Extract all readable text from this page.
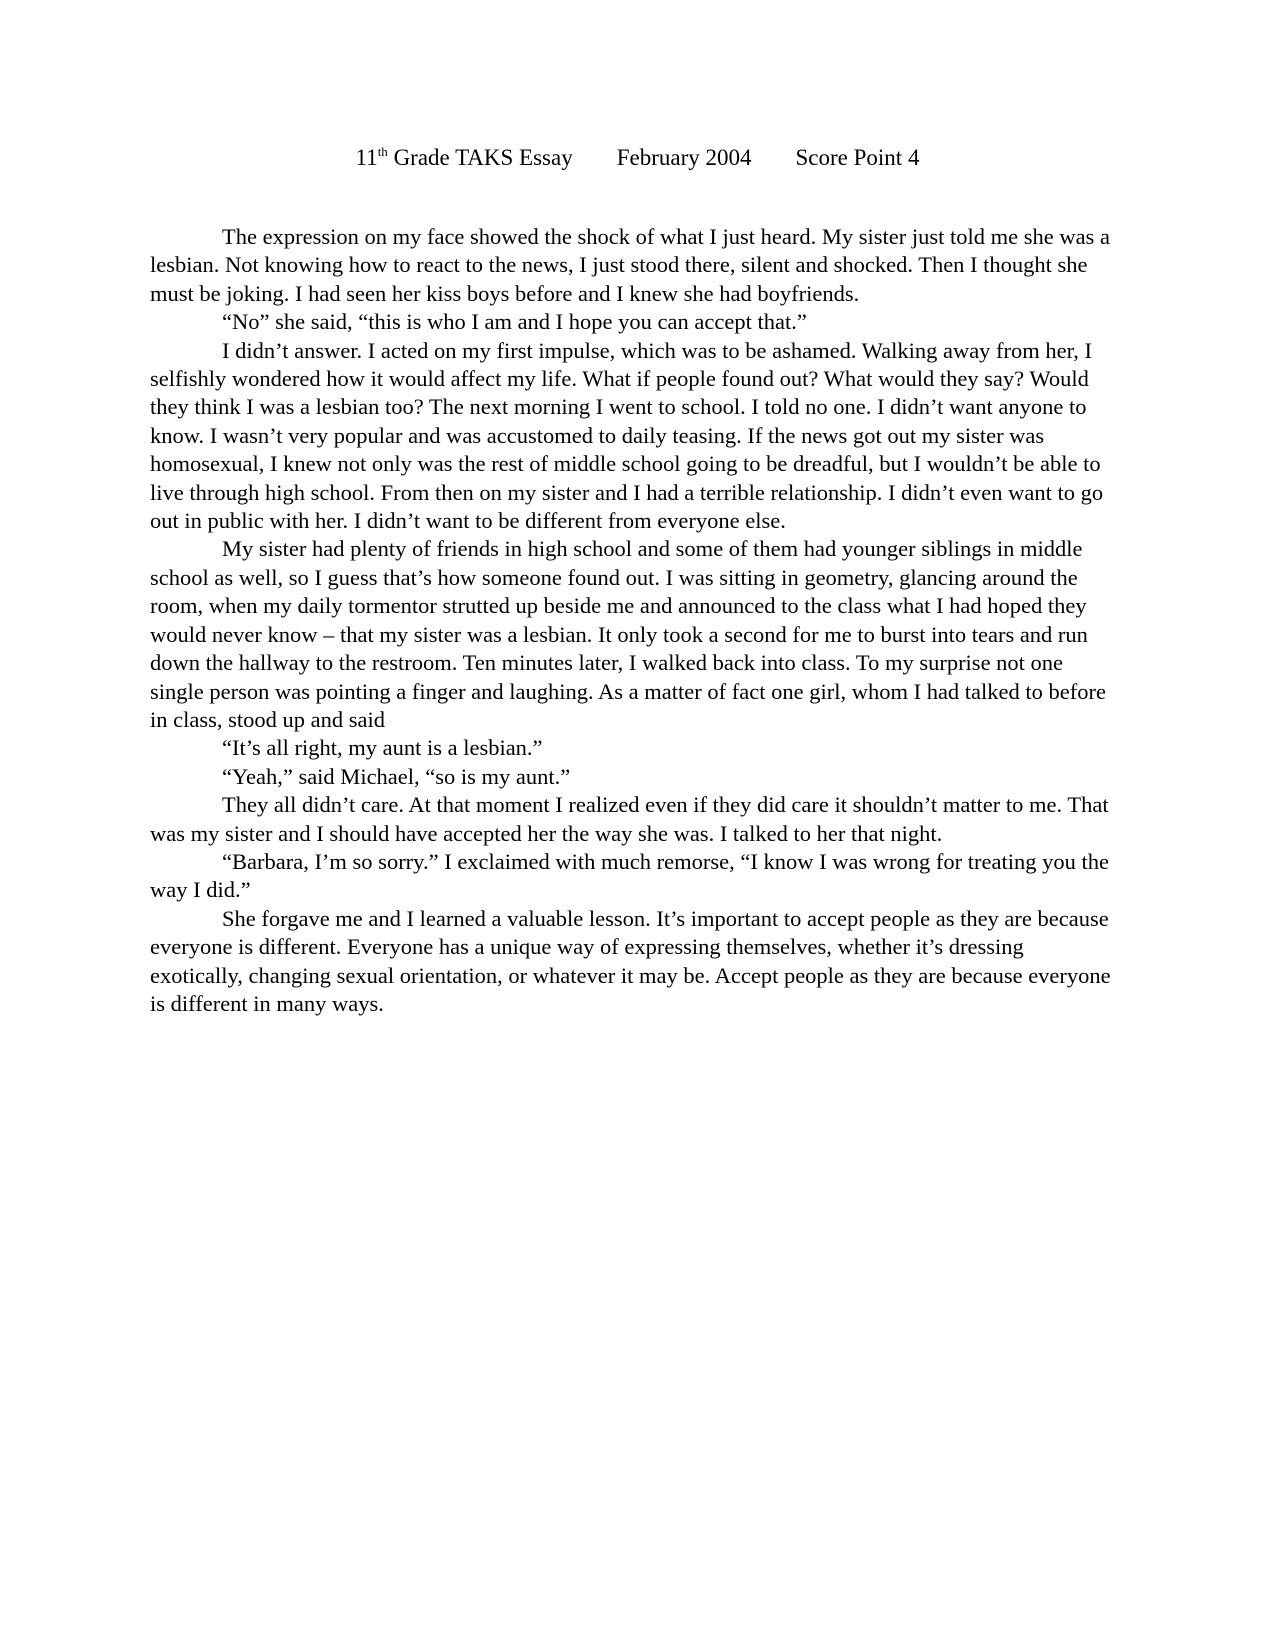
11th Grade TAKS Essay February 2004 Score Point 4

The expression on my face showed the shock of what I just heard. My sister just told me she was a lesbian. Not knowing how to react to the news, I just stood there, silent and shocked. Then I thought she must be joking. I had seen her kiss boys before and I knew she had boyfriends.

“No” she said, “this is who I am and I hope you can accept that.”

I didn’t answer. I acted on my first impulse, which was to be ashamed. Walking away from her, I selfishly wondered how it would affect my life. What if people found out? What would they say? Would they think I was a lesbian too? The next morning I went to school. I told no one. I didn’t want anyone to know. I wasn’t very popular and was accustomed to daily teasing. If the news got out my sister was homosexual, I knew not only was the rest of middle school going to be dreadful, but I wouldn’t be able to live through high school. From then on my sister and I had a terrible relationship. I didn’t even want to go out in public with her. I didn’t want to be different from everyone else.

My sister had plenty of friends in high school and some of them had younger siblings in middle school as well, so I guess that’s how someone found out. I was sitting in geometry, glancing around the room, when my daily tormentor strutted up beside me and announced to the class what I had hoped they would never know – that my sister was a lesbian. It only took a second for me to burst into tears and run down the hallway to the restroom. Ten minutes later, I walked back into class. To my surprise not one single person was pointing a finger and laughing. As a matter of fact one girl, whom I had talked to before in class, stood up and said

“It’s all right, my aunt is a lesbian.”

“Yeah,” said Michael, “so is my aunt.”

They all didn’t care. At that moment I realized even if they did care it shouldn’t matter to me. That was my sister and I should have accepted her the way she was. I talked to her that night.

“Barbara, I’m so sorry.” I exclaimed with much remorse, “I know I was wrong for treating you the way I did.”

She forgave me and I learned a valuable lesson. It’s important to accept people as they are because everyone is different. Everyone has a unique way of expressing themselves, whether it’s dressing exotically, changing sexual orientation, or whatever it may be. Accept people as they are because everyone is different in many ways.
